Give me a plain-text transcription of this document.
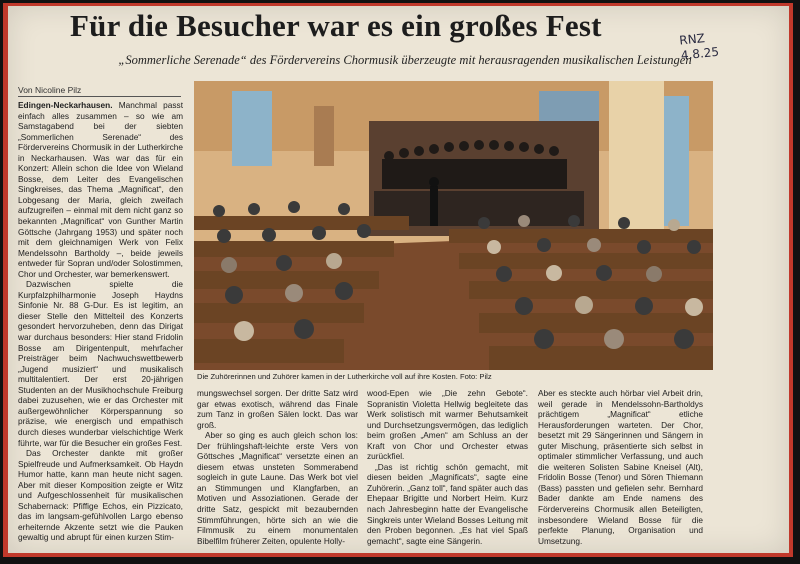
Für die Besucher war es ein großes Fest	RNZ
4.8.25
„Sommerliche Serenade“ des Fördervereins Chormusik überzeugte mit herausragenden musikalischen Leistungen
Von Nicoline Pilz

Edingen-Neckarhausen. Manchmal passt einfach alles zusammen – so wie am Samstagabend bei der siebten „Sommerlichen Serenade“ des Fördervereins Chormusik in der Lutherkirche in Neckarhausen. Was war das für ein Konzert: Allein schon die Idee von Wieland Bosse, dem Leiter des Evangelischen Singkreises, das Thema „Magnificat“, den Lobgesang der Maria, gleich zweifach aufzugreifen – einmal mit dem nicht ganz so bekannten „Magnificat“ von Gunther Martin Göttsche (Jahrgang 1953) und später noch mit dem gleichnamigen Werk von Felix Mendelssohn Bartholdy –, beide jeweils entweder für Sopran und/oder Solostimmen, Chor und Orchester, war bemerkenswert.

Dazwischen spielte die Kurpfalzphilharmonie Joseph Haydns Sinfonie Nr. 88 G-Dur. Es ist legitim, an dieser Stelle den Mittelteil des Konzerts gesondert hervorzuheben, denn das Dirigat war durchaus besonders: Hier stand Fridolin Bosse am Dirigentenpult, mehrfacher Preisträger beim Nachwuchswettbewerb „Jugend musiziert“ und musikalisch multitalentiert. Der erst 20-jährigen Studenten an der Musikhochschule Freiburg dabei zuzusehen, wie er das Orchester mit außergewöhnlicher Körperspannung so präzise, wie energisch und empathisch durch dieses wunderbar vielschichtige Werk führte, war für die Besucher ein großes Fest.

Das Orchester dankte mit großer Spielfreude und Aufmerksamkeit. Ob Haydn Humor hatte, kann man heute nicht sagen. Aber mit dieser Komposition zeigte er Witz und Aufgeschlossenheit für musikalischen Schabernack: Pfiffige Echos, ein Pizzicato, das im langsam-gefühlvollen Largo ebenso erheiternde Akzente setzt wie die Pauken gewaltig und abrupt für einen kurzen Stim-

Die Zuhörerinnen und Zuhörer kamen in der Lutherkirche voll auf ihre Kosten. Foto: Pilz

mungswechsel sorgen. Der dritte Satz wird gar etwas exotisch, während das Finale zum Tanz in großen Sälen lockt. Das war groß.

Aber so ging es auch gleich schon los: Der frühlingshaft-leichte erste Vers von Göttsches „Magnificat“ versetzte einen an diesem etwas unsteten Sommerabend sogleich in gute Laune. Das Werk bot viel an Stimmungen und Klangfarben, an Motiven und Assoziationen. Gerade der dritte Satz, gespickt mit bezaubernden Stimmführungen, hörte sich an wie die Filmmusik zu einem monumentalen Bibelfilm früherer Zeiten, opulente Holly-

wood-Epen wie „Die zehn Gebote“. Sopranistin Violetta Hellwig begleitete das Werk solistisch mit warmer Behutsamkeit und Durchsetzungsvermögen, das lediglich beim großen „Amen“ am Schluss an der Kraft von Chor und Orchester etwas zurückfiel.

„Das ist richtig schön gemacht, mit diesen beiden „Magnificats“, sagte eine Zuhörerin. „Ganz toll“, fand später auch das Ehepaar Brigitte und Norbert Heim. Kurz nach Jahresbeginn hatte der Evangelische Singkreis unter Wieland Bosses Leitung mit den Proben begonnen. „Es hat viel Spaß gemacht“, sagte eine Sängerin.

Aber es steckte auch hörbar viel Arbeit drin, weil gerade in Mendelssohn-Bartholdys prächtigem „Magnificat“ etliche Herausforderungen warteten. Der Chor, besetzt mit 29 Sängerinnen und Sängern in guter Mischung, präsentierte sich selbst in optimaler stimmlicher Verfassung, und auch die weiteren Solisten Sabine Kneisel (Alt), Fridolin Bosse (Tenor) und Sören Thiemann (Bass) passten und gefielen sehr. Bernhard Bader dankte am Ende namens des Fördervereins Chormusik allen Beteiligten, insbesondere Wieland Bosse für die perfekte Planung, Organisation und Umsetzung.
